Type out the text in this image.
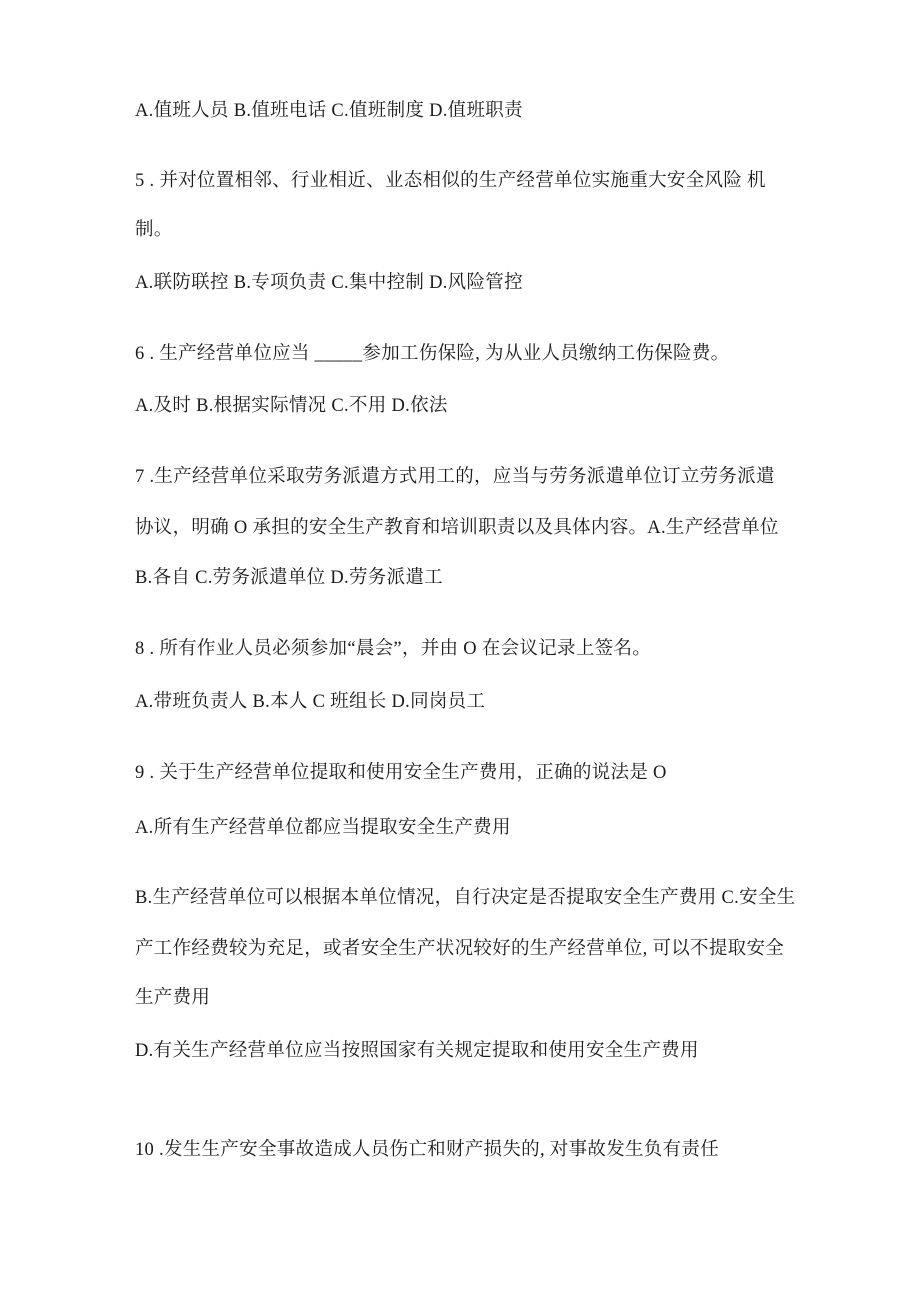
A.值班人员 B.值班电话 C.值班制度 D.值班职责
5 . 并对位置相邻、行业相近、业态相似的生产经营单位实施重大安全风险 机
制。
A.联防联控 B.专项负责 C.集中控制 D.风险管控
6 . 生产经营单位应当 _____参加工伤保险, 为从业人员缴纳工伤保险费。
A.及时 B.根据实际情况 C.不用 D.依法
7 .生产经营单位采取劳务派遣方式用工的，应当与劳务派遣单位订立劳务派遣
协议，明确 O 承担的安全生产教育和培训职责以及具体内容。A.生产经营单位
B.各自 C.劳务派遣单位 D.劳务派遣工
8 . 所有作业人员必须参加“晨会”，并由 O 在会议记录上签名。
A.带班负责人 B.本人 C 班组长 D.同岗员工
9 . 关于生产经营单位提取和使用安全生产费用，正确的说法是 O
A.所有生产经营单位都应当提取安全生产费用
B.生产经营单位可以根据本单位情况，自行决定是否提取安全生产费用 C.安全生
产工作经费较为充足，或者安全生产状况较好的生产经营单位, 可以不提取安全
生产费用
D.有关生产经营单位应当按照国家有关规定提取和使用安全生产费用
10 .发生生产安全事故造成人员伤亡和财产损失的, 对事故发生负有责任
